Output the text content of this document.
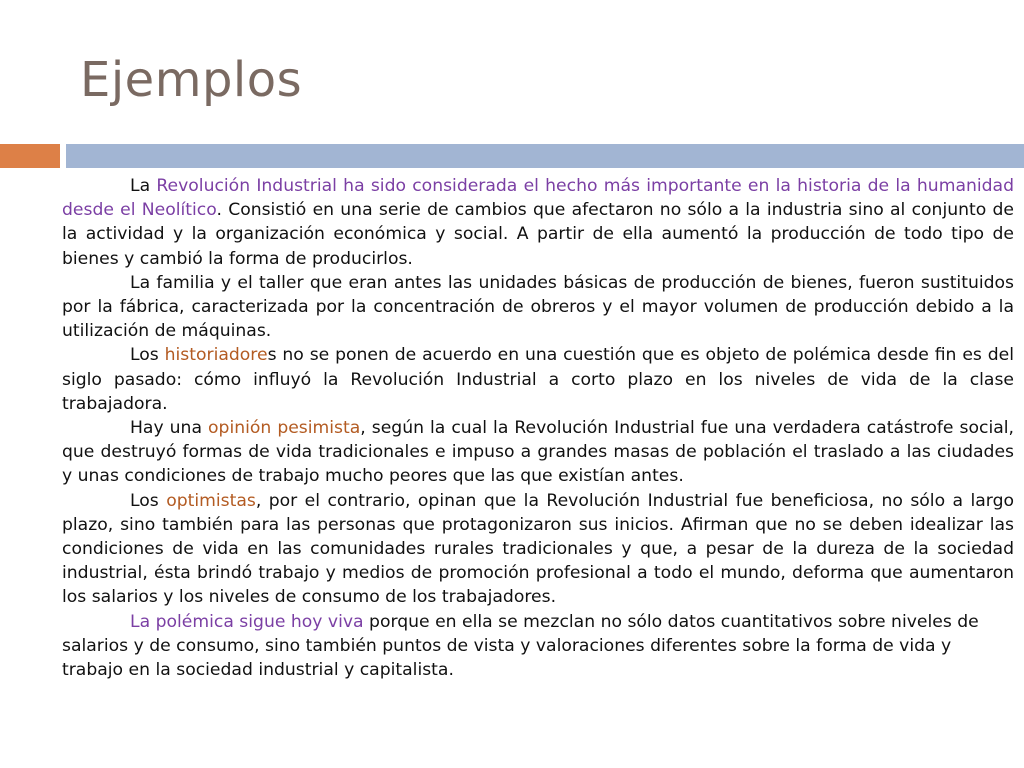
Ejemplos

La Revolución Industrial ha sido considerada el hecho más importante en la historia de la humanidad desde el Neolítico. Consistió en una serie de cambios que afectaron no sólo a la industria sino al conjunto de la actividad y la organización económica y social. A partir de ella aumentó la producción de todo tipo de bienes y cambió la forma de producirlos.

La familia y el taller que eran antes las unidades básicas de producción de bienes, fueron sustituidos por la fábrica, caracterizada por la concentración de obreros y el mayor volumen de producción debido a la utilización de máquinas.

Los historiadores no se ponen de acuerdo en una cuestión que es objeto de polémica desde fin es del siglo pasado: cómo influyó la Revolución Industrial a corto plazo en los niveles de vida de la clase trabajadora.

Hay una opinión pesimista, según la cual la Revolución Industrial fue una verdadera catástrofe social, que destruyó formas de vida tradicionales e impuso a grandes masas de población el traslado a las ciudades y unas condiciones de trabajo mucho peores que las que existían antes.

Los optimistas, por el contrario, opinan que la Revolución Industrial fue beneficiosa, no sólo a largo plazo, sino también para las personas que protagonizaron sus inicios. Afirman que no se deben idealizar las condiciones de vida en las comunidades rurales tradicionales y que, a pesar de la dureza de la sociedad industrial, ésta brindó trabajo y medios de promoción profesional a todo el mundo, deforma que aumentaron los salarios y los niveles de consumo de los trabajadores.

La polémica sigue hoy viva porque en ella se mezclan no sólo datos cuantitativos sobre niveles de salarios y de consumo, sino también puntos de vista y valoraciones diferentes sobre la forma de vida y trabajo en la sociedad industrial y capitalista.
